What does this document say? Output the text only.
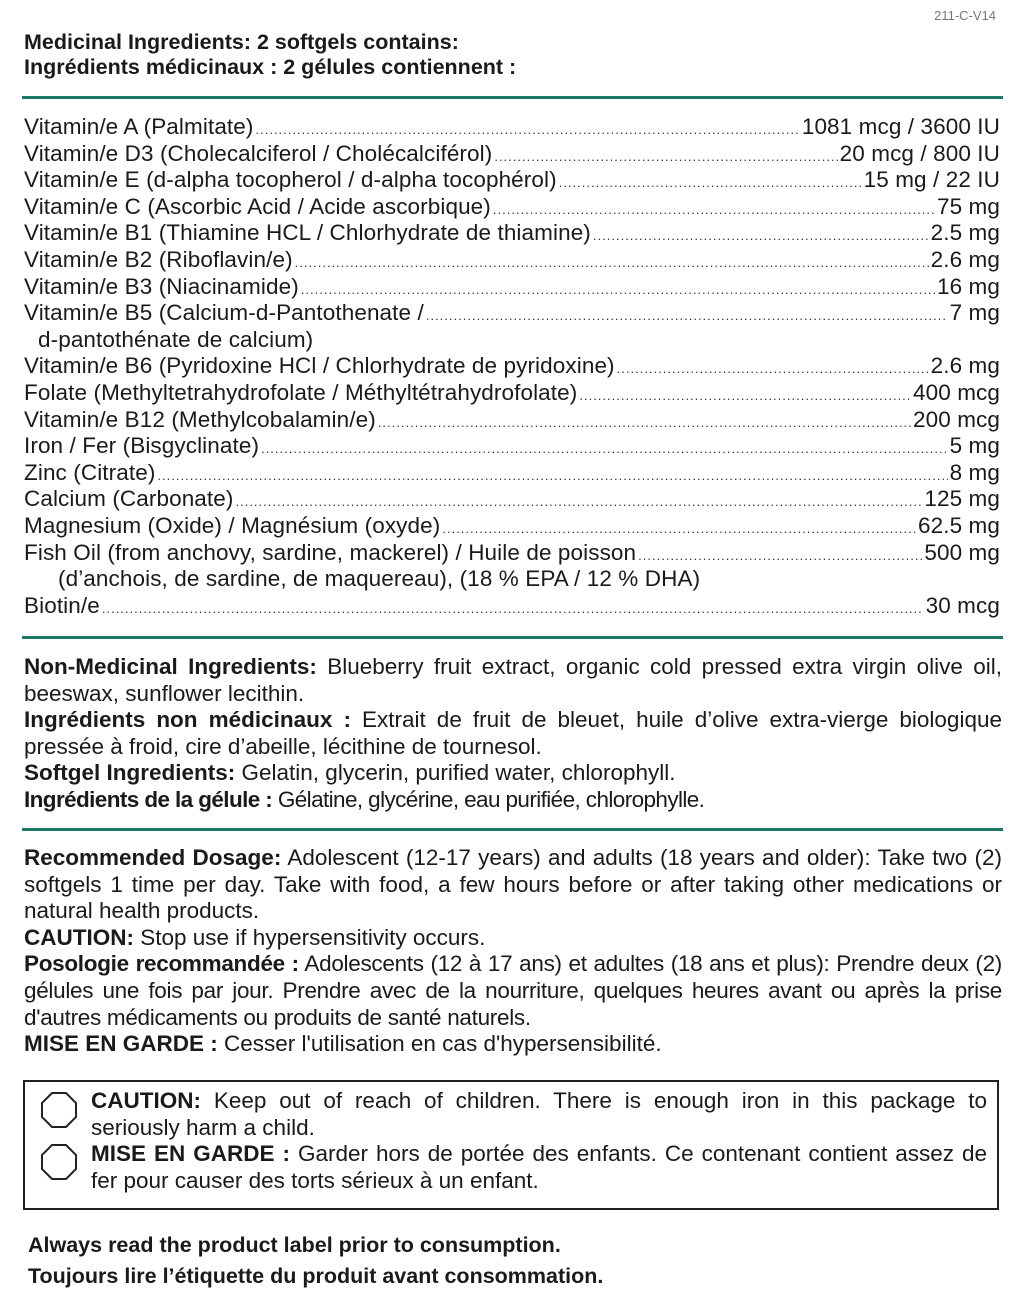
211-C-V14
Medicinal Ingredients: 2 softgels contains:
Ingrédients médicinaux : 2 gélules contiennent :
Vitamin/e A (Palmitate) .....	1081 mcg / 3600 IU
Vitamin/e D3 (Cholecalciferol / Cholécalciférol) .....	20 mcg / 800 IU
Vitamin/e E (d-alpha tocopherol / d-alpha tocophérol) .....	15 mg / 22 IU
Vitamin/e C (Ascorbic Acid / Acide ascorbique) .....	75 mg
Vitamin/e B1 (Thiamine HCL / Chlorhydrate de thiamine) .....	2.5 mg
Vitamin/e B2 (Riboflavin/e) .....	2.6 mg
Vitamin/e B3 (Niacinamide) .....	16 mg
Vitamin/e B5 (Calcium-d-Pantothenate / .....	7 mg
d-pantothénate de calcium)
Vitamin/e B6 (Pyridoxine HCl / Chlorhydrate de pyridoxine) .....	2.6 mg
Folate (Methyltetrahydrofolate / Méthyltétrahydrofolate) .....	400 mcg
Vitamin/e B12 (Methylcobalamin/e) .....	200 mcg
Iron / Fer (Bisgyclinate) .....	5 mg
Zinc (Citrate) .....	8 mg
Calcium (Carbonate) .....	125 mg
Magnesium (Oxide) / Magnésium (oxyde) .....	62.5 mg
Fish Oil (from anchovy, sardine, mackerel) / Huile de poisson .....	500 mg
(d’anchois, de sardine, de maquereau), (18 % EPA / 12 % DHA)
Biotin/e .....	30 mcg

Non-Medicinal Ingredients: Blueberry fruit extract, organic cold pressed extra virgin olive oil, beeswax, sunflower lecithin.

Ingrédients non médicinaux : Extrait de fruit de bleuet, huile d’olive extra-vierge biologique pressée à froid, cire d’abeille, lécithine de tournesol.

Softgel Ingredients: Gelatin, glycerin, purified water, chlorophyll.

Ingrédients de la gélule : Gélatine, glycérine, eau purifiée, chlorophylle.

Recommended Dosage: Adolescent (12-17 years) and adults (18 years and older): Take two (2) softgels 1 time per day. Take with food, a few hours before or after taking other medications or natural health products.

CAUTION: Stop use if hypersensitivity occurs.

Posologie recommandée : Adolescents (12 à 17 ans) et adultes (18 ans et plus): Prendre deux (2) gélules une fois par jour. Prendre avec de la nourriture, quelques heures avant ou après la prise d'autres médicaments ou produits de santé naturels.

MISE EN GARDE : Cesser l'utilisation en cas d'hypersensibilité.

CAUTION: Keep out of reach of children. There is enough iron in this package to seriously harm a child.

MISE EN GARDE : Garder hors de portée des enfants. Ce contenant contient assez de fer pour causer des torts sérieux à un enfant.

Always read the product label prior to consumption.
Toujours lire l’étiquette du produit avant consommation.
